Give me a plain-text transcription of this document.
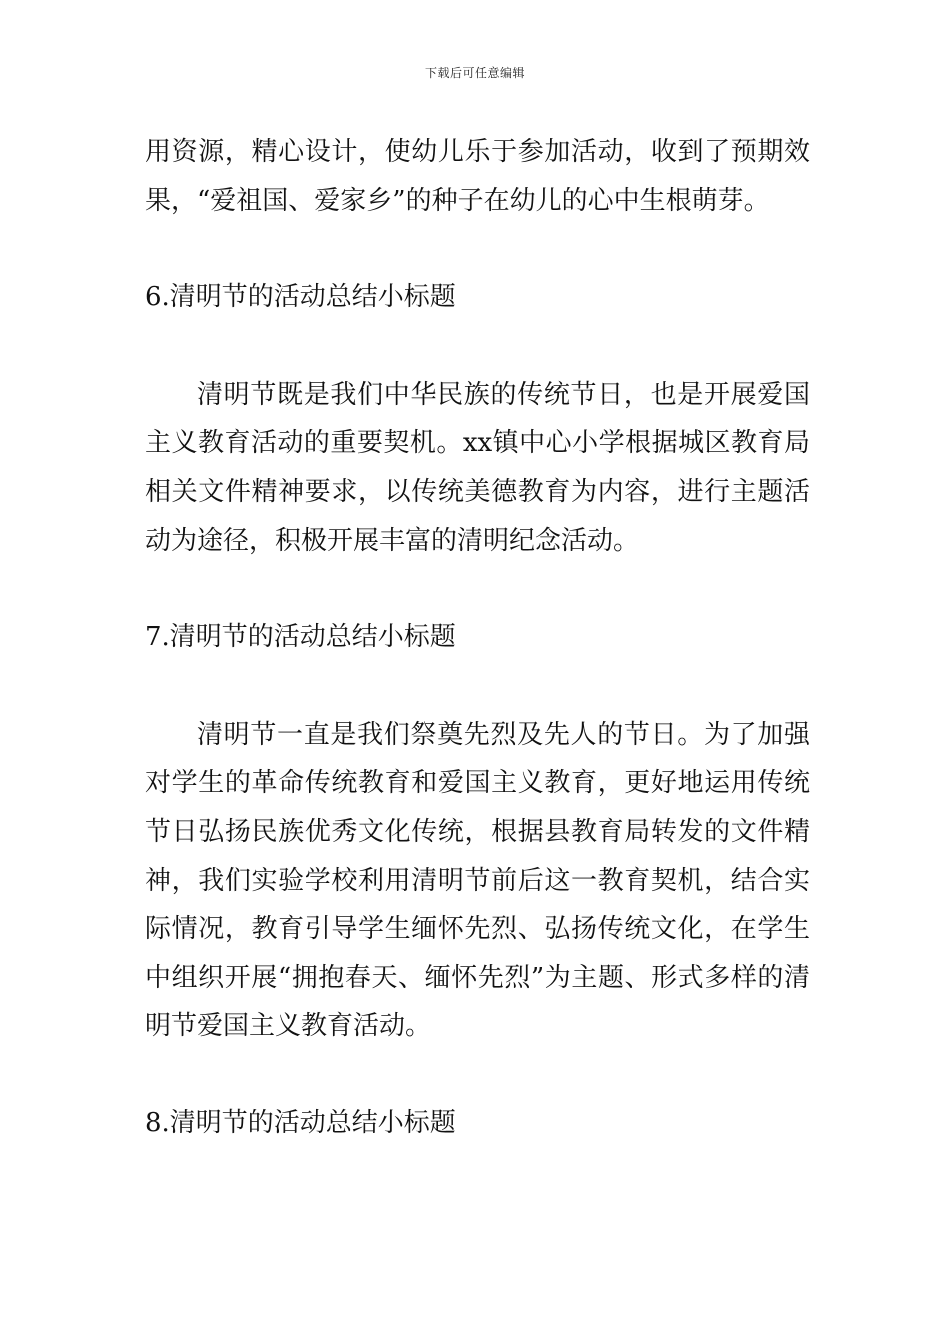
下载后可任意编辑

用资源，精心设计，使幼儿乐于参加活动，收到了预期效果，“爱祖国、爱家乡”的种子在幼儿的心中生根萌芽。

6.清明节的活动总结小标题

清明节既是我们中华民族的传统节日，也是开展爱国主义教育活动的重要契机。xx镇中心小学根据城区教育局相关文件精神要求，以传统美德教育为内容，进行主题活动为途径，积极开展丰富的清明纪念活动。

7.清明节的活动总结小标题

清明节一直是我们祭奠先烈及先人的节日。为了加强对学生的革命传统教育和爱国主义教育，更好地运用传统节日弘扬民族优秀文化传统，根据县教育局转发的文件精神，我们实验学校利用清明节前后这一教育契机，结合实际情况，教育引导学生缅怀先烈、弘扬传统文化，在学生中组织开展“拥抱春天、缅怀先烈”为主题、形式多样的清明节爱国主义教育活动。

8.清明节的活动总结小标题
